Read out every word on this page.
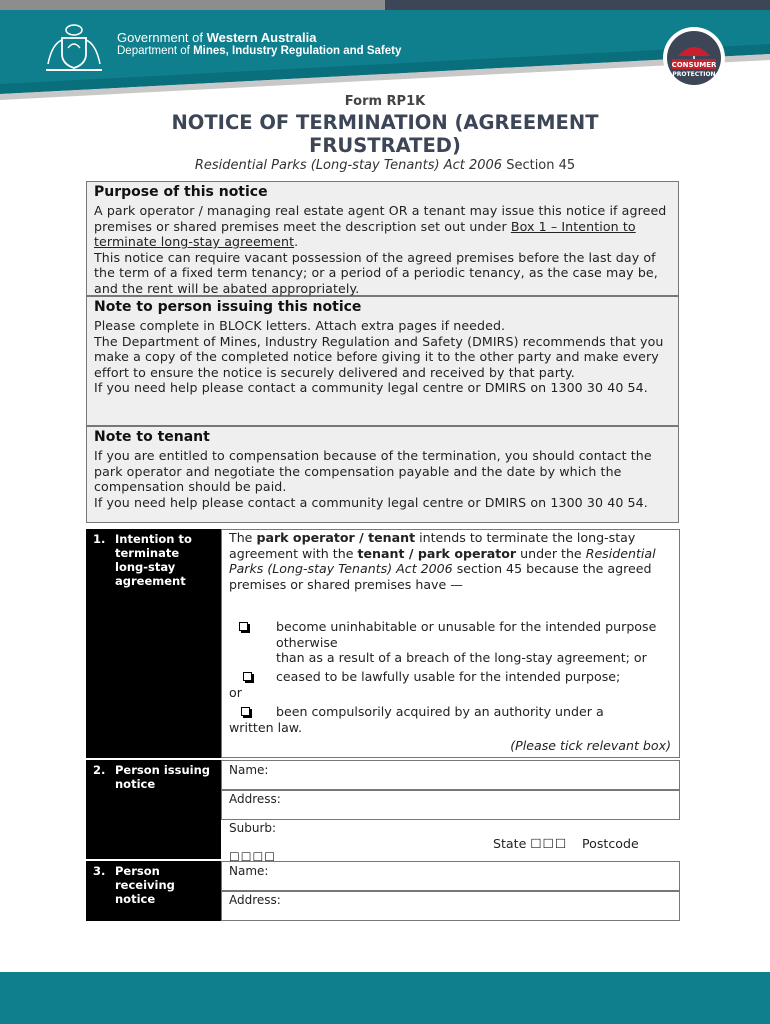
Government of Western Australia
Department of Mines, Industry Regulation and Safety
CONSUMER
PROTECTION
Form RP1K
NOTICE OF TERMINATION (AGREEMENT
FRUSTRATED)
Residential Parks (Long-stay Tenants) Act 2006 Section 45
Purpose of this notice

A park operator / managing real estate agent OR a tenant may issue this notice if agreed premises or shared premises meet the description set out under Box 1 – Intention to terminate long-stay agreement.

This notice can require vacant possession of the agreed premises before the last day of the term of a fixed term tenancy; or a period of a periodic tenancy, as the case may be, and the rent will be abated appropriately.

Note to person issuing this notice

Please complete in BLOCK letters. Attach extra pages if needed.

The Department of Mines, Industry Regulation and Safety (DMIRS) recommends that you make a copy of the completed notice before giving it to the other party and make every effort to ensure the notice is securely delivered and received by that party.

If you need help please contact a community legal centre or DMIRS on 1300 30 40 54.

Note to tenant

If you are entitled to compensation because of the termination, you should contact the park operator and negotiate the compensation payable and the date by which the compensation should be paid.

If you need help please contact a community legal centre or DMIRS on 1300 30 40 54.

1. Intention to terminate long-stay agreement

The park operator / tenant intends to terminate the long-stay agreement with the tenant / park operator under the Residential Parks (Long-stay Tenants) Act 2006 section 45 because the agreed premises or shared premises have —

become uninhabitable or unusable for the intended purpose otherwise
than as a result of a breach of the long-stay agreement; or
ceased to be lawfully usable for the intended purpose;
or
been compulsorily acquired by an authority under a
written law.
(Please tick relevant box)
2. Person issuing notice
Name:
Address:
Suburb:
State ☐☐☐ Postcode
☐☐☐☐
3. Person receiving notice
Name:
Address:
